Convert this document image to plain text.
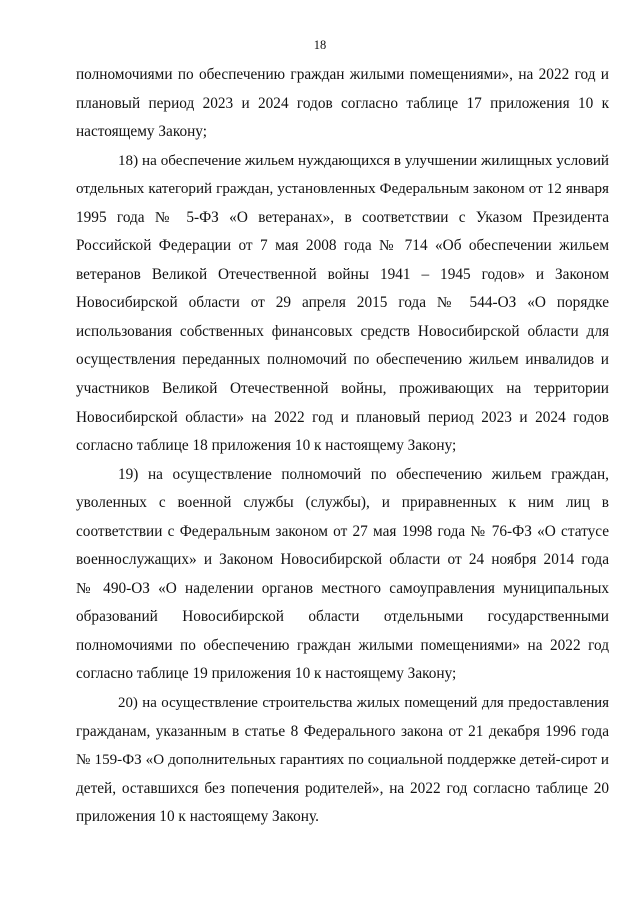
18
полномочиями по обеспечению граждан жилыми помещениями», на 2022 год и
плановый период 2023 и 2024 годов согласно таблице 17 приложения 10 к
настоящему Закону;
18) на обеспечение жильем нуждающихся в улучшении жилищных условий
отдельных категорий граждан, установленных Федеральным законом от 12 января
1995 года № 5-ФЗ «О ветеранах», в соответствии с Указом Президента
Российской Федерации от 7 мая 2008 года № 714 «Об обеспечении жильем
ветеранов Великой Отечественной войны 1941 – 1945 годов» и Законом
Новосибирской области от 29 апреля 2015 года № 544-ОЗ «О порядке
использования собственных финансовых средств Новосибирской области для
осуществления переданных полномочий по обеспечению жильем инвалидов и
участников Великой Отечественной войны, проживающих на территории
Новосибирской области» на 2022 год и плановый период 2023 и 2024 годов
согласно таблице 18 приложения 10 к настоящему Закону;
19) на осуществление полномочий по обеспечению жильем граждан,
уволенных с военной службы (службы), и приравненных к ним лиц в
соответствии с Федеральным законом от 27 мая 1998 года № 76-ФЗ «О статусе
военнослужащих» и Законом Новосибирской области от 24 ноября 2014 года
№ 490-ОЗ «О наделении органов местного самоуправления муниципальных
образований Новосибирской области отдельными государственными
полномочиями по обеспечению граждан жилыми помещениями» на 2022 год
согласно таблице 19 приложения 10 к настоящему Закону;
20) на осуществление строительства жилых помещений для предоставления
гражданам, указанным в статье 8 Федерального закона от 21 декабря 1996 года
№ 159-ФЗ «О дополнительных гарантиях по социальной поддержке детей-сирот и
детей, оставшихся без попечения родителей», на 2022 год согласно таблице 20
приложения 10 к настоящему Закону.
